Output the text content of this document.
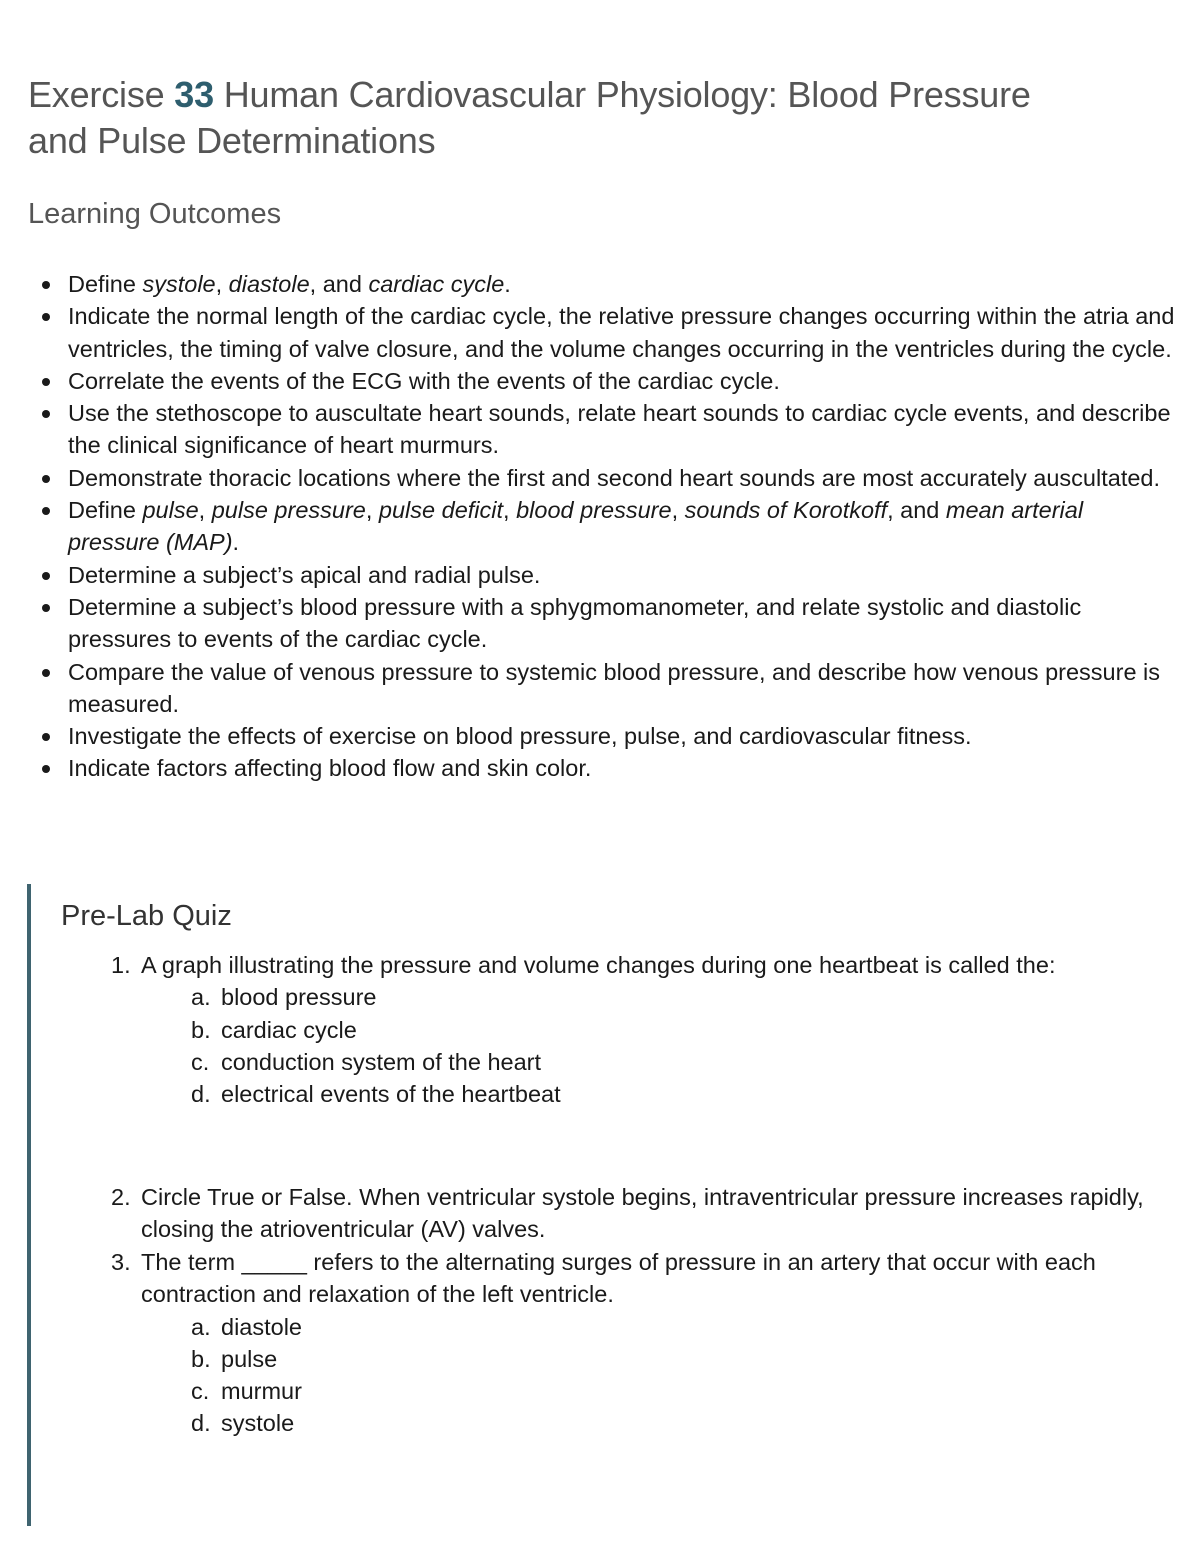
Exercise 33 Human Cardiovascular Physiology: Blood Pressure
and Pulse Determinations
Learning Outcomes
Define systole, diastole, and cardiac cycle.
Indicate the normal length of the cardiac cycle, the relative pressure changes occurring within the atria and ventricles, the timing of valve closure, and the volume changes occurring in the ventricles during the cycle.
Correlate the events of the ECG with the events of the cardiac cycle.
Use the stethoscope to auscultate heart sounds, relate heart sounds to cardiac cycle events, and describe the clinical significance of heart murmurs.
Demonstrate thoracic locations where the first and second heart sounds are most accurately auscultated.
Define pulse, pulse pressure, pulse deficit, blood pressure, sounds of Korotkoff, and mean arterial pressure (MAP).
Determine a subject’s apical and radial pulse.
Determine a subject’s blood pressure with a sphygmomanometer, and relate systolic and diastolic pressures to events of the cardiac cycle.
Compare the value of venous pressure to systemic blood pressure, and describe how venous pressure is measured.
Investigate the effects of exercise on blood pressure, pulse, and cardiovascular fitness.
Indicate factors affecting blood flow and skin color.
Pre-Lab Quiz
1. A graph illustrating the pressure and volume changes during one heartbeat is called the:
a. blood pressure
b. cardiac cycle
c. conduction system of the heart
d. electrical events of the heartbeat
2. Circle True or False. When ventricular systole begins, intraventricular pressure increases rapidly, closing the atrioventricular (AV) valves.
3. The term _____ refers to the alternating surges of pressure in an artery that occur with each contraction and relaxation of the left ventricle.
a. diastole
b. pulse
c. murmur
d. systole
